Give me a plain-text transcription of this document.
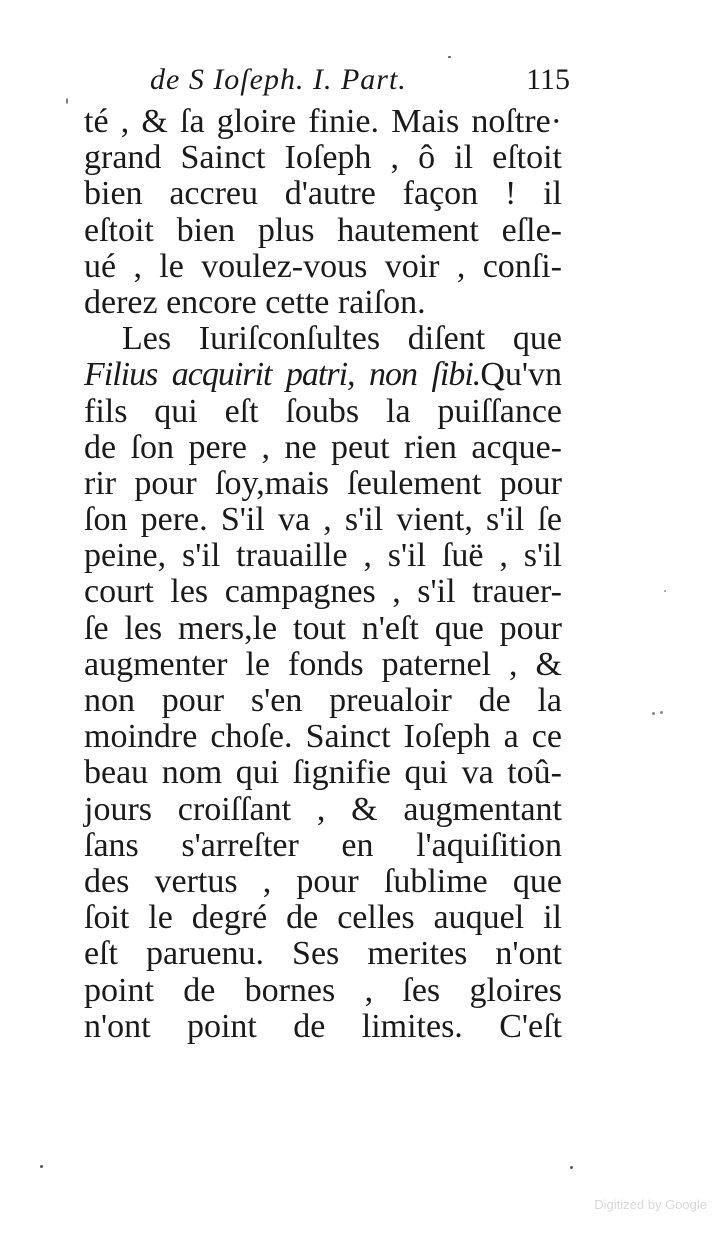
de S Ioſeph. I. Part.	115
té , & ſa gloire finie. Mais noſtre·
grand Sainct Ioſeph , ô il eſtoit
bien accreu d'autre façon ! il
eſtoit bien plus hautement eſle-
ué , le voulez-vous voir , conſi-
derez encore cette raiſon.
Les Iuriſconſultes diſent que
Filius acquirit patri, non ſibi.Qu'vn
fils qui eſt ſoubs la puiſſance
de ſon pere , ne peut rien acque-
rir pour ſoy,mais ſeulement pour
ſon pere. S'il va , s'il vient, s'il ſe
peine, s'il trauaille , s'il ſuë , s'il
court les campagnes , s'il trauer-
ſe les mers,le tout n'eſt que pour
augmenter le fonds paternel , &
non pour s'en preualoir de la
moindre choſe. Sainct Ioſeph a ce
beau nom qui ſignifie qui va toû-
jours croiſſant , & augmentant
ſans s'arreſter en l'aquiſition
des vertus , pour ſublime que
ſoit le degré de celles auquel il
eſt paruenu. Ses merites n'ont
point de bornes , ſes gloires
n'ont point de limites. C'eſt
Digitized by Google
